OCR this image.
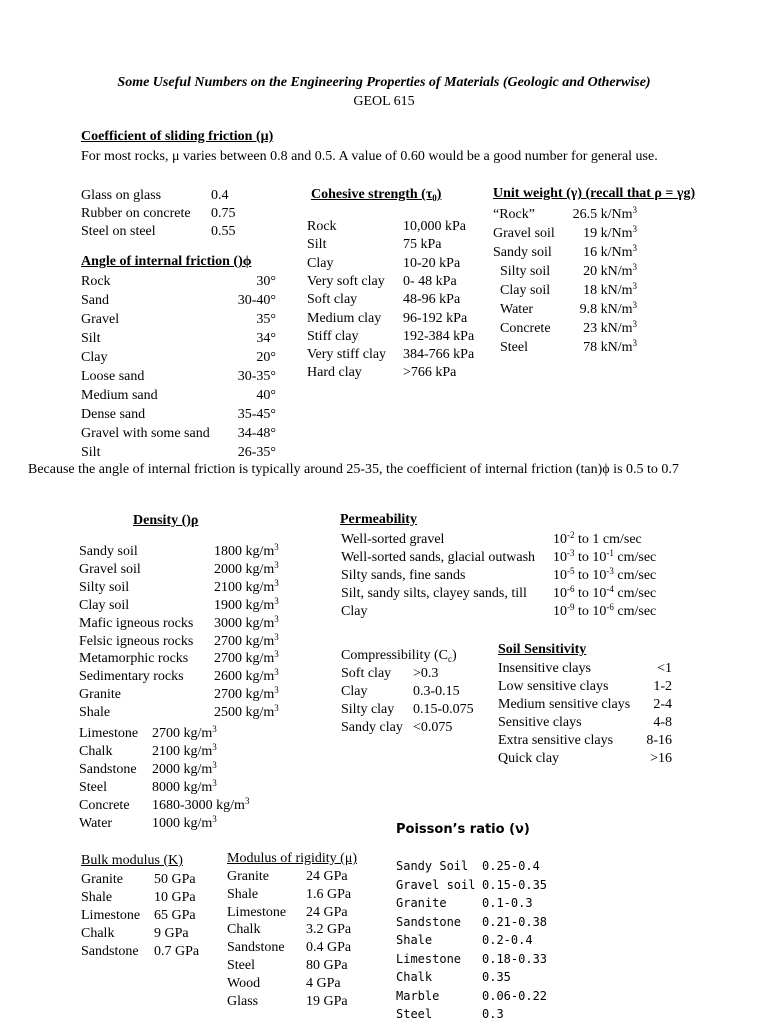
Some Useful Numbers on the Engineering Properties of Materials (Geologic and Otherwise)
GEOL 615
Coefficient of sliding friction (μ)
For most rocks, μ varies between 0.8 and 0.5. A value of 0.60 would be a good number for general use.
Glass on glass	0.4
Rubber on concrete 0.75
Steel on steel	0.55
Angle of internal friction ()ϕ
Rock	30°
Sand	30-40°
Gravel	35°
Silt	34°
Clay	20°
Loose sand	30-35°
Medium sand	40°
Dense sand	35-45°
Gravel with some sand	34-48°
Silt	26-35°
Because the angle of internal friction is typically around 25-35, the coefficient of internal friction (tan)ϕ is 0.5 to 0.7
Cohesive strength $(\tau_0)$
Rock	10,000 kPa
Silt	75 kPa
Clay	10-20 kPa
Very soft clay 0- 48 kPa
Soft clay	48-96 kPa
Medium clay 96-192 kPa
Stiff clay	192-384 kPa
Very stiff clay 384-766 kPa
Hard clay	>766 kPa
Unit weight (γ) (recall that ρ = γg)
“Rock”	26.5 k/Nm$^3$
Gravel soil	19 k/Nm$^3$
Sandy soil	16 k/Nm$^3$
Silty soil	20 $kN/m^3$
Clay soil	18 $kN/m^3$
Water	9.8 $kN/m^3$
Concrete	23 $kN/m^3$
Steel	78 $kN/m^3$
Density ()ρ
Sandy soil	1800 $kg/m^3$
Gravel soil	2000 $kg/m^3$
Silty soil	2100 $kg/m^3$
Clay soil	1900 $kg/m^3$
Mafic igneous rocks 3000 $kg/m^3$
Felsic igneous rocks 2700 $kg/m^3$
Metamorphic rocks 2700 $kg/m^3$
Sedimentary rocks 2600 $kg/m^3$
Granite	2700 $kg/m^3$
Shale	2500 $kg/m^3$
Limestone 2700 $kg/m^3$
Chalk	2100 $kg/m^3$
Sandstone 2000 $kg/m^3$
Steel	8000 $kg/m^3$
Concrete 1680-3000 $kg/m^3$
Water	1000 $kg/m^3$
Permeability
Well-sorted gravel	$10^{-2}$ to 1 cm/sec
Well-sorted sands, glacial outwash $10^{-3}$ to $10^{-1}$ cm/sec
Silty sands, fine sands	$10^{-5}$ to $10^{-3}$ cm/sec
Silt, sandy silts, clayey sands, till $10^{-6}$ to $10^{-4}$ cm/sec
Clay	$10^{-9}$ to $10^{-6}$ cm/sec
Compressibility $(C_c)$
Soft clay >0.3
Clay	0.3-0.15
Silty clay 0.15-0.075
Sandy clay <0.075
Soil Sensitivity
Insensitive clays	<1
Low sensitive clays	1-2
Medium sensitive clays	2-4
Sensitive clays	4-8
Extra sensitive clays	8-16
Quick clay	>16
Poisson’s ratio (ν)
Sandy Soil 0.25-0.4
Gravel soil 0.15-0.35
Granite	0.1-0.3
Sandstone 0.21-0.38
Shale	0.2-0.4
Limestone 0.18-0.33
Chalk	0.35
Marble	0.06-0.22
Steel	0.3
Bulk modulus (K)
Granite 50 GPa
Shale	10 GPa
Limestone 65 GPa
Chalk	9 GPa
Sandstone 0.7 GPa
Modulus of rigidity (μ)
Granite	24 GPa
Shale	1.6 GPa
Limestone 24 GPa
Chalk	3.2 GPa
Sandstone 0.4 GPa
Steel	80 GPa
Wood	4 GPa
Glass	19 GPa
